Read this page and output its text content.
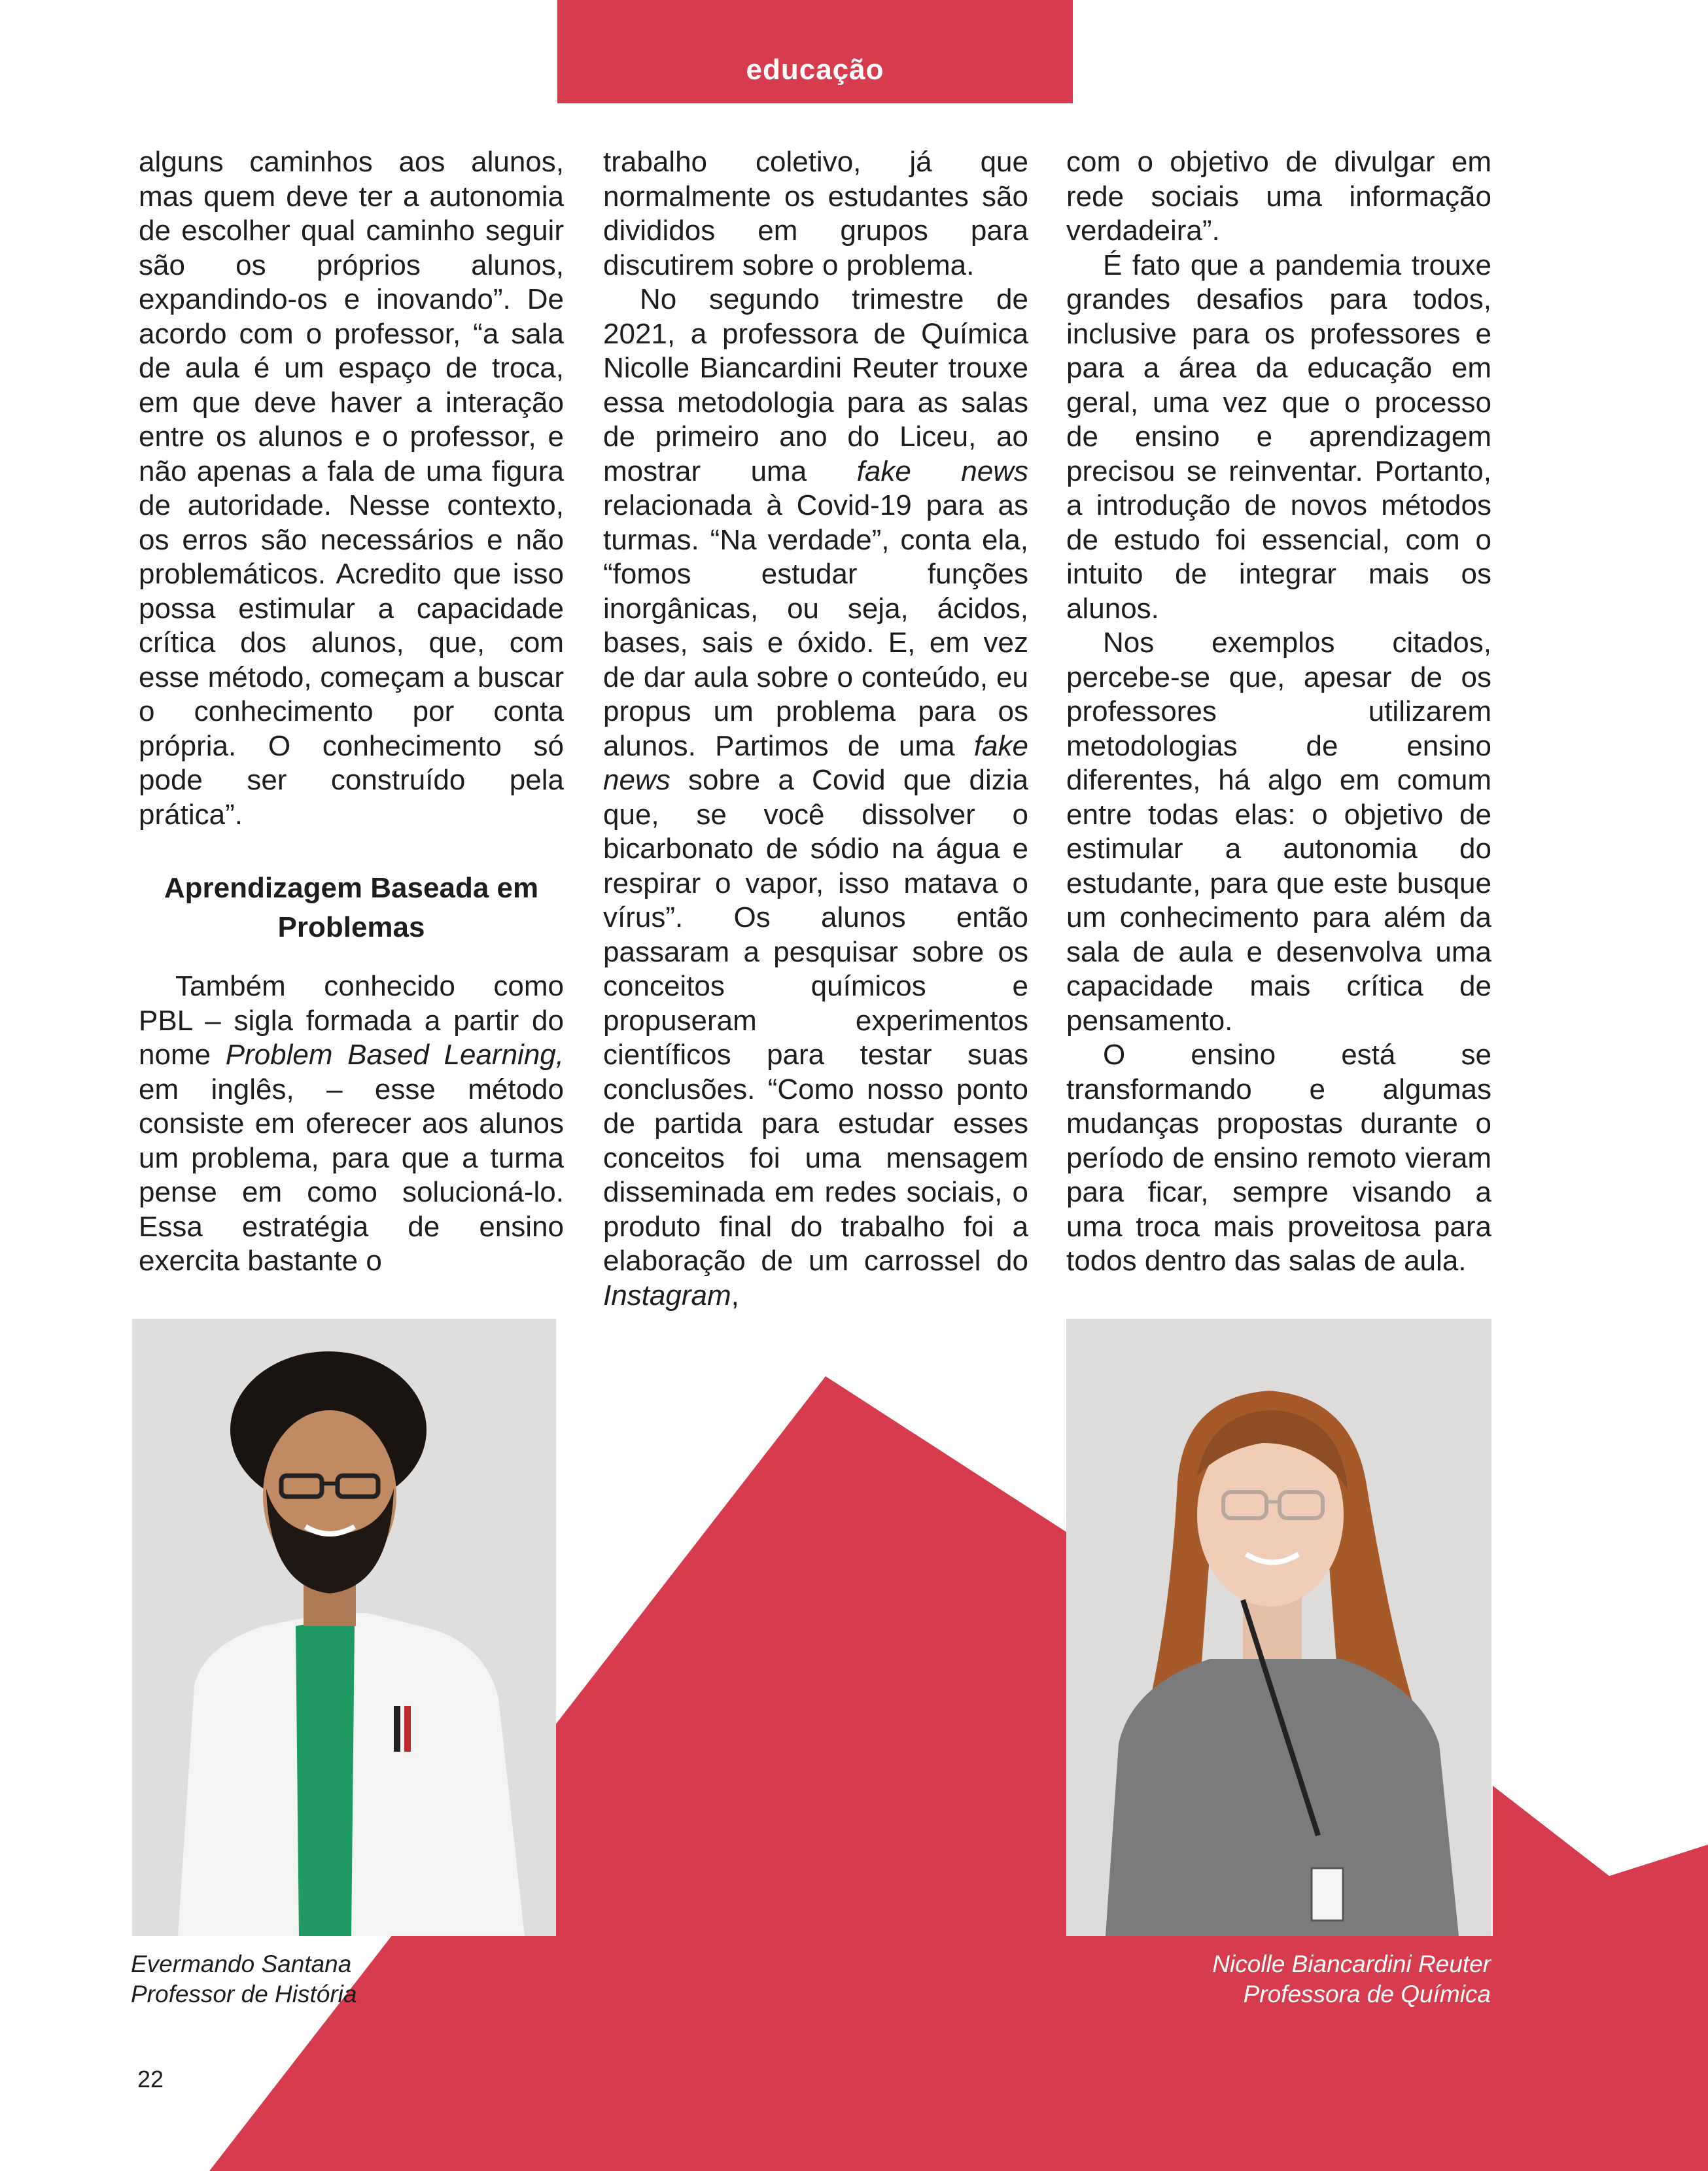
educação

alguns caminhos aos alunos, mas quem deve ter a autonomia de escolher qual caminho seguir são os próprios alunos, expandindo-os e inovando”. De acordo com o professor, “a sala de aula é um espaço de troca, em que deve haver a interação entre os alunos e o professor, e não apenas a fala de uma figura de autoridade. Nesse contexto, os erros são necessários e não problemáticos. Acredito que isso possa estimular a capacidade crítica dos alunos, que, com esse método, começam a buscar o conhecimento por conta própria. O conhecimento só pode ser construído pela prática”.

Aprendizagem Baseada em Problemas

Também conhecido como PBL – sigla formada a partir do nome Problem Based Learning, em inglês, – esse método consiste em oferecer aos alunos um problema, para que a turma pense em como solucioná-lo. Essa estratégia de ensino exercita bastante o

trabalho coletivo, já que normalmente os estudantes são divididos em grupos para discutirem sobre o problema.

No segundo trimestre de 2021, a professora de Química Nicolle Biancardini Reuter trouxe essa metodologia para as salas de primeiro ano do Liceu, ao mostrar uma fake news relacionada à Covid-19 para as turmas. “Na verdade”, conta ela, “fomos estudar funções inorgânicas, ou seja, ácidos, bases, sais e óxido. E, em vez de dar aula sobre o conteúdo, eu propus um problema para os alunos. Partimos de uma fake news sobre a Covid que dizia que, se você dissolver o bicarbonato de sódio na água e respirar o vapor, isso matava o vírus”. Os alunos então passaram a pesquisar sobre os conceitos químicos e propuseram experimentos científicos para testar suas conclusões. “Como nosso ponto de partida para estudar esses conceitos foi uma mensagem disseminada em redes sociais, o produto final do trabalho foi a elaboração de um carrossel do Instagram,

com o objetivo de divulgar em rede sociais uma informação verdadeira”.

É fato que a pandemia trouxe grandes desafios para todos, inclusive para os professores e para a área da educação em geral, uma vez que o processo de ensino e aprendizagem precisou se reinventar. Portanto, a introdução de novos métodos de estudo foi essencial, com o intuito de integrar mais os alunos.

Nos exemplos citados, percebe-se que, apesar de os professores utilizarem metodologias de ensino diferentes, há algo em comum entre todas elas: o objetivo de estimular a autonomia do estudante, para que este busque um conhecimento para além da sala de aula e desenvolva uma capacidade mais crítica de pensamento.

O ensino está se transformando e algumas mudanças propostas durante o período de ensino remoto vieram para ficar, sempre visando a uma troca mais proveitosa para todos dentro das salas de aula.

Evermando Santana
Professor de História
Nicolle Biancardini Reuter
Professora de Química
22
